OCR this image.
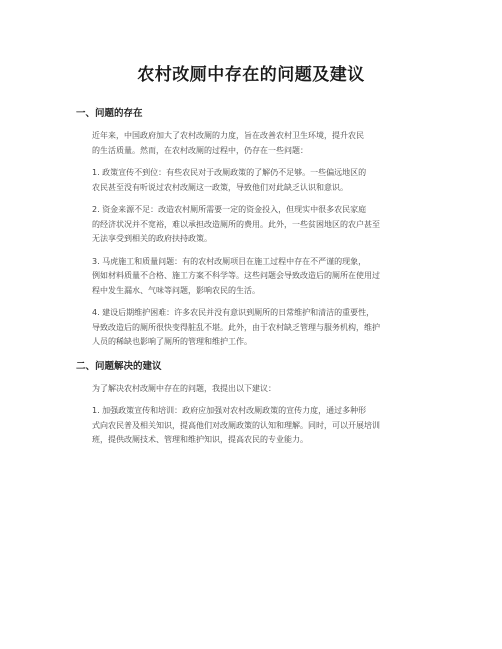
农村改厕中存在的问题及建议
一、问题的存在

近年来，中国政府加大了农村改厕的力度，旨在改善农村卫生环境，提升农民
的生活质量。然而，在农村改厕的过程中，仍存在一些问题：

1. 政策宣传不到位：有些农民对于改厕政策的了解仍不足够。一些偏远地区的
农民甚至没有听说过农村改厕这一政策，导致他们对此缺乏认识和意识。

2. 资金来源不足：改造农村厕所需要一定的资金投入，但现实中很多农民家庭
的经济状况并不宽裕，难以承担改造厕所的费用。此外，一些贫困地区的农户甚至
无法享受到相关的政府扶持政策。

3. 马虎施工和质量问题：有的农村改厕项目在施工过程中存在不严谨的现象，
例如材料质量不合格、施工方案不科学等。这些问题会导致改造后的厕所在使用过
程中发生漏水、气味等问题，影响农民的生活。

4. 建设后期维护困难：许多农民并没有意识到厕所的日常维护和清洁的重要性，
导致改造后的厕所很快变得脏乱不堪。此外，由于农村缺乏管理与服务机构，维护
人员的稀缺也影响了厕所的管理和维护工作。

二、问题解决的建议

为了解决农村改厕中存在的问题，我提出以下建议：

1. 加强政策宣传和培训：政府应加强对农村改厕政策的宣传力度，通过多种形
式向农民普及相关知识，提高他们对改厕政策的认知和理解。同时，可以开展培训
班，提供改厕技术、管理和维护知识，提高农民的专业能力。
